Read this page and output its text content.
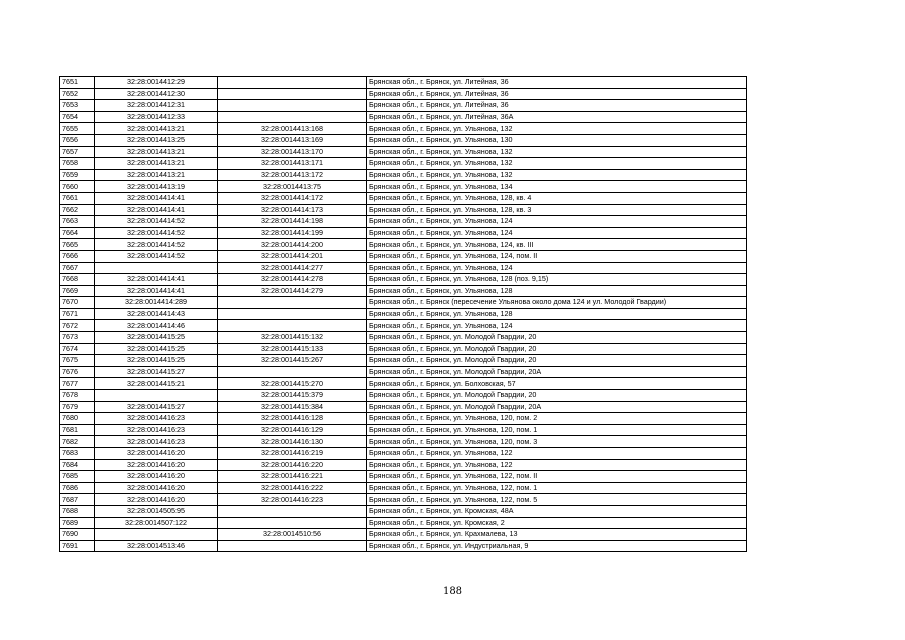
7651	32:28:0014412:29		Брянская обл., г. Брянск, ул. Литейная, 36
7652	32:28:0014412:30		Брянская обл., г. Брянск, ул. Литейная, 36
7653	32:28:0014412:31		Брянская обл., г. Брянск, ул. Литейная, 36
7654	32:28:0014412:33		Брянская обл., г. Брянск, ул. Литейная, 36А
7655	32:28:0014413:21	32:28:0014413:168	Брянская обл., г. Брянск, ул. Ульянова, 132
7656	32:28:0014413:25	32:28:0014413:169	Брянская обл., г. Брянск, ул. Ульянова, 130
7657	32:28:0014413:21	32:28:0014413:170	Брянская обл., г. Брянск, ул. Ульянова, 132
7658	32:28:0014413:21	32:28:0014413:171	Брянская обл., г. Брянск, ул. Ульянова, 132
7659	32:28:0014413:21	32:28:0014413:172	Брянская обл., г. Брянск, ул. Ульянова, 132
7660	32:28:0014413:19	32:28:0014413:75	Брянская обл., г. Брянск, ул. Ульянова, 134
7661	32:28:0014414:41	32:28:0014414:172	Брянская обл., г. Брянск, ул. Ульянова, 128, кв. 4
7662	32:28:0014414:41	32:28:0014414:173	Брянская обл., г. Брянск, ул. Ульянова, 128, кв. 3
7663	32:28:0014414:52	32:28:0014414:198	Брянская обл., г. Брянск, ул. Ульянова, 124
7664	32:28:0014414:52	32:28:0014414:199	Брянская обл., г. Брянск, ул. Ульянова, 124
7665	32:28:0014414:52	32:28:0014414:200	Брянская обл., г. Брянск, ул. Ульянова, 124, кв. III
7666	32:28:0014414:52	32:28:0014414:201	Брянская обл., г. Брянск, ул. Ульянова, 124, пом. II
7667		32:28:0014414:277	Брянская обл., г. Брянск, ул. Ульянова, 124
7668	32:28:0014414:41	32:28:0014414:278	Брянская обл., г. Брянск, ул. Ульянова, 128 (поз. 9,15)
7669	32:28:0014414:41	32:28:0014414:279	Брянская обл., г. Брянск, ул. Ульянова, 128
7670	32:28:0014414:289		Брянская обл., г. Брянск (пересечение Ульянова около дома 124 и ул. Молодой Гвардии)
7671	32:28:0014414:43		Брянская обл., г. Брянск, ул. Ульянова, 128
7672	32:28:0014414:46		Брянская обл., г. Брянск, ул. Ульянова, 124
7673	32:28:0014415:25	32:28:0014415:132	Брянская обл., г. Брянск, ул. Молодой Гвардии, 20
7674	32:28:0014415:25	32:28:0014415:133	Брянская обл., г. Брянск, ул. Молодой Гвардии, 20
7675	32:28:0014415:25	32:28:0014415:267	Брянская обл., г. Брянск, ул. Молодой Гвардии, 20
7676	32:28:0014415:27		Брянская обл., г. Брянск, ул. Молодой Гвардии, 20А
7677	32:28:0014415:21	32:28:0014415:270	Брянская обл., г. Брянск, ул. Болховская, 57
7678		32:28:0014415:379	Брянская обл., г. Брянск, ул. Молодой Гвардии, 20
7679	32:28:0014415:27	32:28:0014415:384	Брянская обл., г. Брянск, ул. Молодой Гвардии, 20А
7680	32:28:0014416:23	32:28:0014416:128	Брянская обл., г. Брянск, ул. Ульянова, 120, пом. 2
7681	32:28:0014416:23	32:28:0014416:129	Брянская обл., г. Брянск, ул. Ульянова, 120, пом. 1
7682	32:28:0014416:23	32:28:0014416:130	Брянская обл., г. Брянск, ул. Ульянова, 120, пом. 3
7683	32:28:0014416:20	32:28:0014416:219	Брянская обл., г. Брянск, ул. Ульянова, 122
7684	32:28:0014416:20	32:28:0014416:220	Брянская обл., г. Брянск, ул. Ульянова, 122
7685	32:28:0014416:20	32:28:0014416:221	Брянская обл., г. Брянск, ул. Ульянова, 122, пом. II
7686	32:28:0014416:20	32:28:0014416:222	Брянская обл., г. Брянск, ул. Ульянова, 122, пом. 1
7687	32:28:0014416:20	32:28:0014416:223	Брянская обл., г. Брянск, ул. Ульянова, 122, пом. 5
7688	32:28:0014505:95		Брянская обл., г. Брянск, ул. Кромская, 48А
7689	32:28:0014507:122		Брянская обл., г. Брянск, ул. Кромская, 2
7690		32:28:0014510:56	Брянская обл., г. Брянск, ул. Крахмалева, 13
7691	32:28:0014513:46		Брянская обл., г. Брянск, ул. Индустриальная, 9
188
